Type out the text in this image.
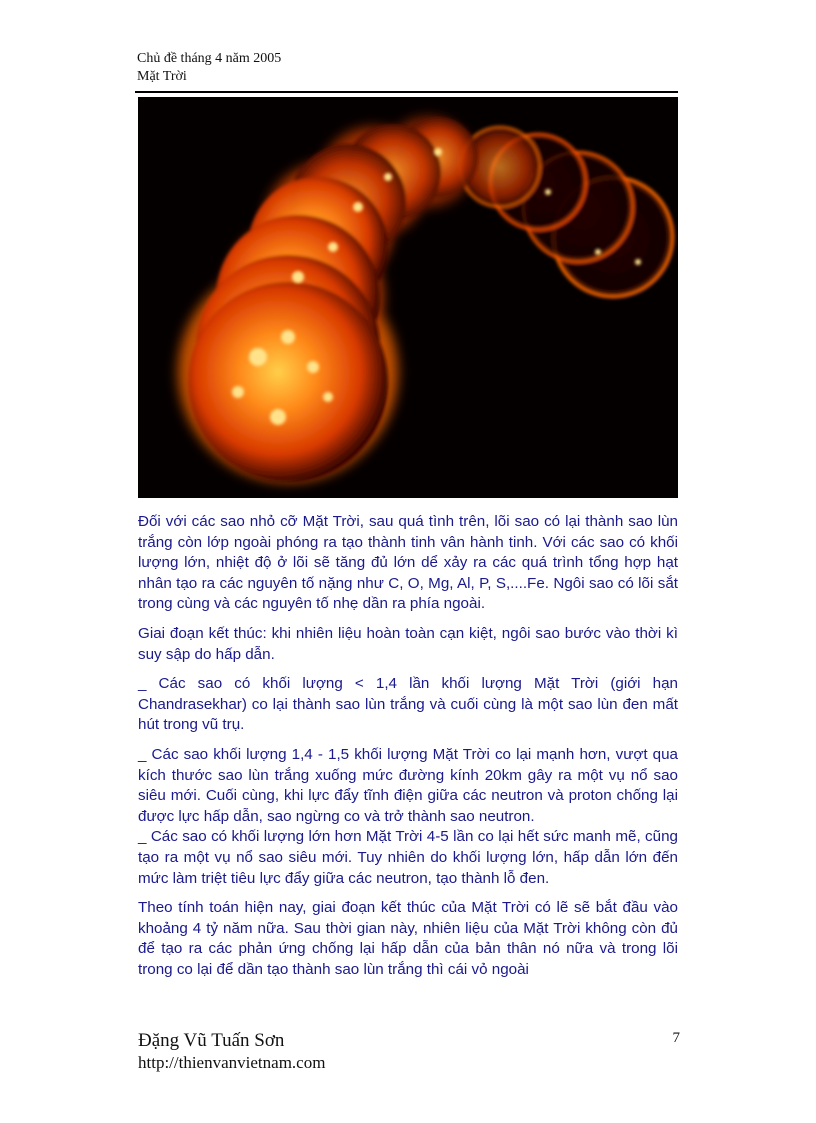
Chủ đề tháng 4 năm 2005
Mặt Trời

Đối với các sao nhỏ cỡ Mặt Trời, sau quá tình trên, lõi sao có lại thành sao lùn trắng còn lớp ngoài phóng ra tạo thành tinh vân hành tinh. Với các sao có khối lượng lớn, nhiệt độ ở lõi sẽ tăng đủ lớn dể xảy ra các quá trình tổng hợp hạt nhân tạo ra các nguyên tố nặng như C, O, Mg, Al, P, S,....Fe. Ngôi sao có lõi sắt trong cùng và các nguyên tố nhẹ dần ra phía ngoài.

Giai đoạn kết thúc: khi nhiên liệu hoàn toàn cạn kiệt, ngôi sao bước vào thời kì suy sập do hấp dẫn.

_ Các sao có khối lượng < 1,4 lần khối lượng Mặt Trời (giới hạn Chandrasekhar) co lại thành sao lùn trắng và cuối cùng là một sao lùn đen mất hút trong vũ trụ.

_ Các sao khối lượng 1,4 - 1,5 khối lượng Mặt Trời co lại mạnh hơn, vượt qua kích thước sao lùn trắng xuống mức đường kính 20km gây ra một vụ nổ sao siêu mới. Cuối cùng, khi lực đẩy tĩnh điện giữa các neutron và proton chống lại được lực hấp dẫn, sao ngừng co và trở thành sao neutron.

_ Các sao có khối lượng lớn hơn Mặt Trời 4-5 lần co lại hết sức manh mẽ, cũng tạo ra một vụ nổ sao siêu mới. Tuy nhiên do khối lượng lớn, hấp dẫn lớn đến mức làm triệt tiêu lực đẩy giữa các neutron, tạo thành lỗ đen.

Theo tính toán hiện nay, giai đoạn kết thúc của Mặt Trời có lẽ sẽ bắt đầu vào khoảng 4 tỷ năm nữa. Sau thời gian này, nhiên liệu của Mặt Trời không còn đủ để tạo ra các phản ứng chống lại hấp dẫn của bản thân nó nữa và trong lõi trong co lại để dần tạo thành sao lùn trắng thì cái vỏ ngoài

Đặng Vũ Tuấn Sơn
http://thienvanvietnam.com
7
